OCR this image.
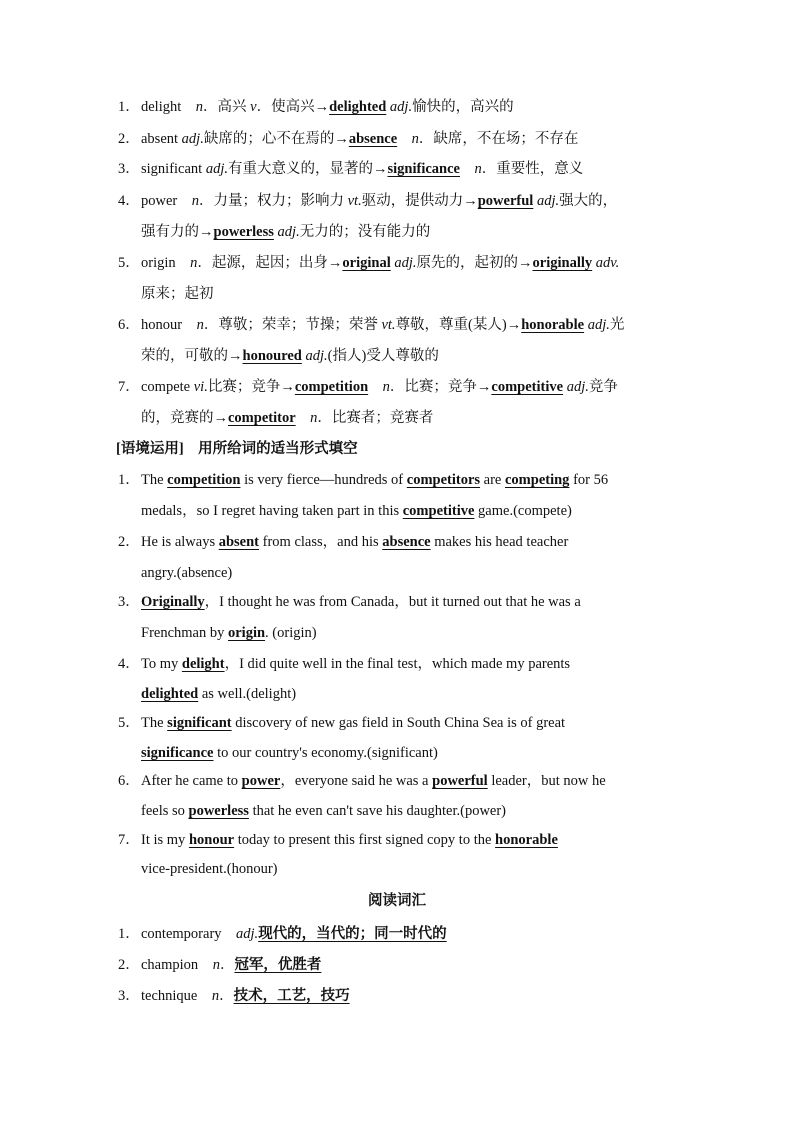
1． delight　n．高兴 v．使高兴→delighted adj.愉快的，高兴的
2． absent adj.缺席的；心不在焉的→absence　 n．缺席，不在场；不存在
3． significant adj.有重大意义的，显著的→significance　 n．重要性，意义
4． power　n．力量；权力；影响力 vt.驱动，提供动力→powerful adj.强大的，
强有力的→powerless adj.无力的；没有能力的
5． origin　n．起源，起因；出身→original adj.原先的，起初的→originally adv.
原来；起初
6． honour　n．尊敬；荣幸；节操；荣誉 vt.尊敬，尊重(某人)→honorable adj.光
荣的，可敬的→honoured adj.(指人)受人尊敬的
7． compete vi.比赛；竞争→competition　 n．比赛；竞争→competitive adj.竞争
的，竞赛的→competitor　 n．比赛者；竞赛者
[语境运用]　用所给词的适当形式填空
1． The competition is very fierce—hundreds of competitors are competing for 56
medals，so I regret having taken part in this competitive game.(compete)
2． He is always absent from class，and his absence makes his head teacher
angry.(absence)
3． Originally，I thought he was from Canada，but it turned out that he was a
Frenchman by origin. (origin)
4． To my delight，I did quite well in the final test，which made my parents
delighted as well.(delight)
5． The significant discovery of new gas field in South China Sea is of great
significance to our country's economy.(significant)
6． After he came to power，everyone said he was a powerful leader，but now he
feels so powerless that he even can't save his daughter.(power)
7． It is my honour today to present this first signed copy to the honorable
vice-president.(honour)
阅读词汇
1． contemporary　adj.现代的，当代的；同一时代的
2． champion　n．冠军，优胜者
3． technique　n．技术，工艺，技巧
